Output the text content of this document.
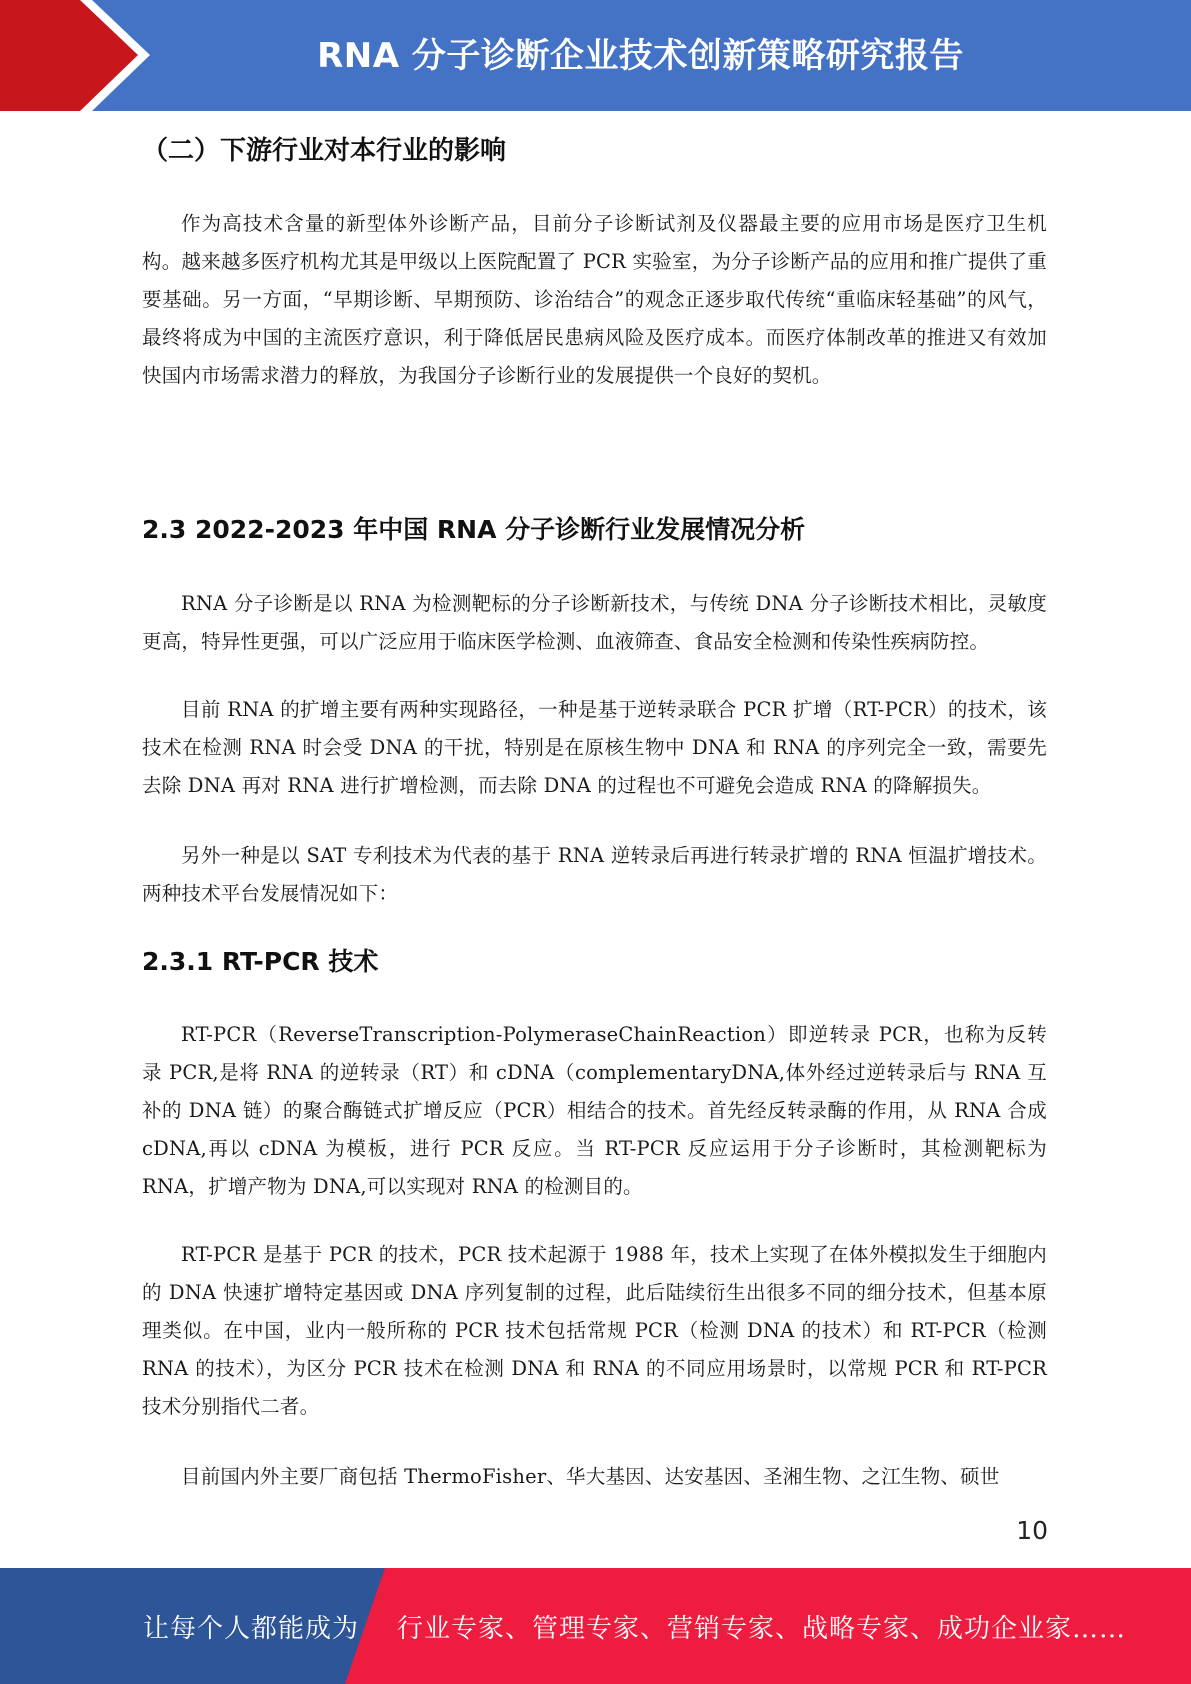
RNA 分子诊断企业技术创新策略研究报告
（二）下游行业对本行业的影响

作为高技术含量的新型体外诊断产品，目前分子诊断试剂及仪器最主要的应用市场是医疗卫生机构。越来越多医疗机构尤其是甲级以上医院配置了 PCR 实验室，为分子诊断产品的应用和推广提供了重要基础。另一方面，“早期诊断、早期预防、诊治结合”的观念正逐步取代传统“重临床轻基础”的风气，最终将成为中国的主流医疗意识，利于降低居民患病风险及医疗成本。而医疗体制改革的推进又有效加快国内市场需求潜力的释放，为我国分子诊断行业的发展提供一个良好的契机。

2.3 2022-2023 年中国 RNA 分子诊断行业发展情况分析

RNA 分子诊断是以 RNA 为检测靶标的分子诊断新技术，与传统 DNA 分子诊断技术相比，灵敏度更高，特异性更强，可以广泛应用于临床医学检测、血液筛查、食品安全检测和传染性疾病防控。

目前 RNA 的扩增主要有两种实现路径，一种是基于逆转录联合 PCR 扩增（RT-PCR）的技术，该技术在检测 RNA 时会受 DNA 的干扰，特别是在原核生物中 DNA 和 RNA 的序列完全一致，需要先去除 DNA 再对 RNA 进行扩增检测，而去除 DNA 的过程也不可避免会造成 RNA 的降解损失。

另外一种是以 SAT 专利技术为代表的基于 RNA 逆转录后再进行转录扩增的 RNA 恒温扩增技术。两种技术平台发展情况如下：

2.3.1 RT-PCR 技术

RT-PCR（ReverseTranscription-PolymeraseChainReaction）即逆转录 PCR，也称为反转录 PCR,是将 RNA 的逆转录（RT）和 cDNA（complementaryDNA,体外经过逆转录后与 RNA 互补的 DNA 链）的聚合酶链式扩增反应（PCR）相结合的技术。首先经反转录酶的作用，从 RNA 合成 cDNA,再以 cDNA 为模板，进行 PCR 反应。当 RT-PCR 反应运用于分子诊断时，其检测靶标为 RNA，扩增产物为 DNA,可以实现对 RNA 的检测目的。

RT-PCR 是基于 PCR 的技术，PCR 技术起源于 1988 年，技术上实现了在体外模拟发生于细胞内的 DNA 快速扩增特定基因或 DNA 序列复制的过程，此后陆续衍生出很多不同的细分技术，但基本原理类似。在中国，业内一般所称的 PCR 技术包括常规 PCR（检测 DNA 的技术）和 RT-PCR（检测 RNA 的技术），为区分 PCR 技术在检测 DNA 和 RNA 的不同应用场景时，以常规 PCR 和 RT-PCR 技术分别指代二者。

目前国内外主要厂商包括 ThermoFisher、华大基因、达安基因、圣湘生物、之江生物、硕世

10
让每个人都能成为 行业专家、管理专家、营销专家、战略专家、成功企业家……
